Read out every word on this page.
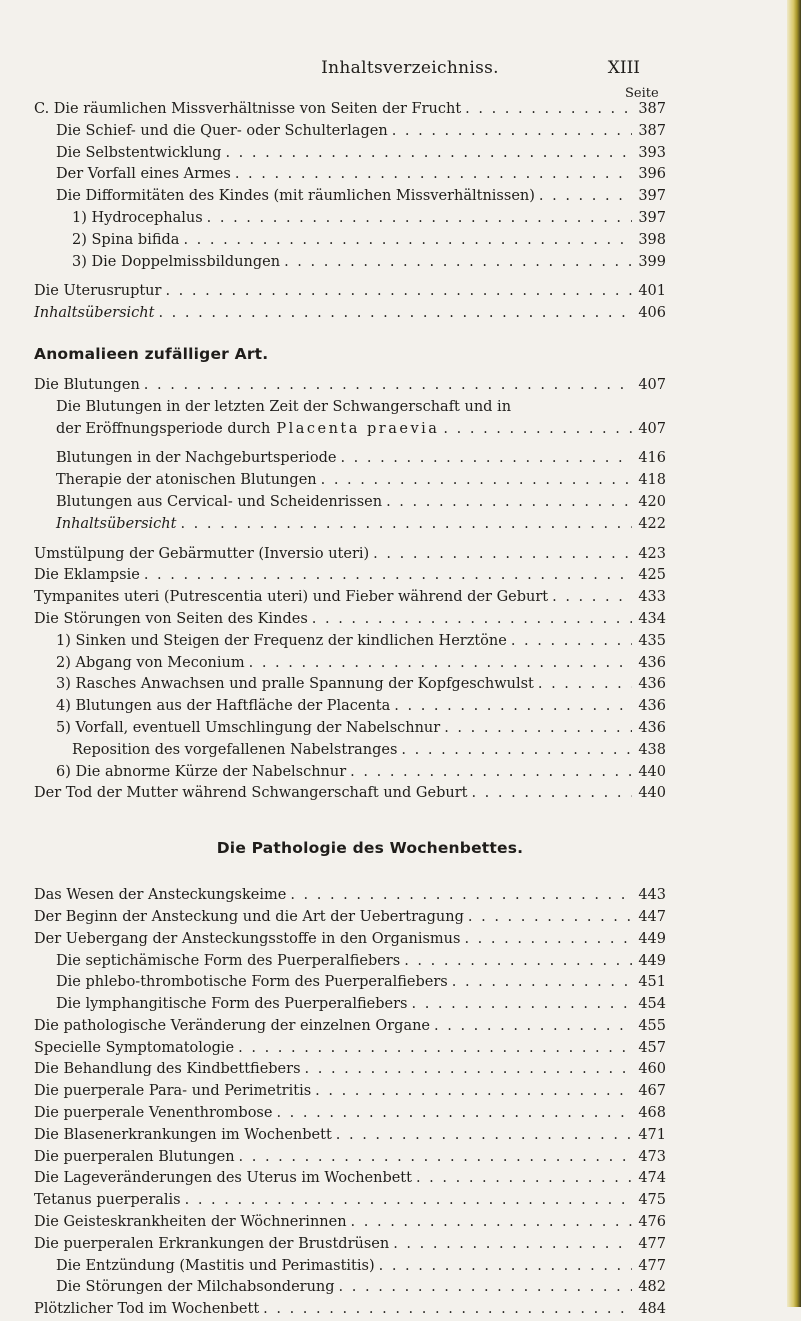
Inhaltsverzeichniss.	XIII
Seite
C. Die räumlichen Missverhältnisse von Seiten der Frucht . . .	387
Die Schief- und die Quer- oder Schulterlagen . . .	387
Die Selbstentwicklung . . .	393
Der Vorfall eines Armes . . .	396
Die Difformitäten des Kindes (mit räumlichen Missverhältnissen) . . .	397
1) Hydrocephalus . . .	397
2) Spina bifida . . .	398
3) Die Doppelmissbildungen . . .	399
Die Uterusruptur . . .	401
Inhaltsübersicht . . .	406
Anomalieen zufälliger Art.
Die Blutungen . . .	407
Die Blutungen in der letzten Zeit der Schwangerschaft und in
der Eröffnungsperiode durch Placenta praevia . . .	407
Blutungen in der Nachgeburtsperiode . . .	416
Therapie der atonischen Blutungen . . .	418
Blutungen aus Cervical- und Scheidenrissen . . .	420
Inhaltsübersicht . . .	422
Umstülpung der Gebärmutter (Inversio uteri) . . .	423
Die Eklampsie . . .	425
Tympanites uteri (Putrescentia uteri) und Fieber während der Geburt . . .	433
Die Störungen von Seiten des Kindes . . .	434
1) Sinken und Steigen der Frequenz der kindlichen Herztöne . . .	435
2) Abgang von Meconium . . .	436
3) Rasches Anwachsen und pralle Spannung der Kopfgeschwulst . . .	436
4) Blutungen aus der Haftfläche der Placenta . . .	436
5) Vorfall, eventuell Umschlingung der Nabelschnur . . .	436
Reposition des vorgefallenen Nabelstranges . . .	438
6) Die abnorme Kürze der Nabelschnur . . .	440
Der Tod der Mutter während Schwangerschaft und Geburt . . .	440
Die Pathologie des Wochenbettes.
Das Wesen der Ansteckungskeime . . .	443
Der Beginn der Ansteckung und die Art der Uebertragung . . .	447
Der Uebergang der Ansteckungsstoffe in den Organismus . . .	449
Die septichämische Form des Puerperalfiebers . . .	449
Die phlebo-thrombotische Form des Puerperalfiebers . . .	451
Die lymphangitische Form des Puerperalfiebers . . .	454
Die pathologische Veränderung der einzelnen Organe . . .	455
Specielle Symptomatologie . . .	457
Die Behandlung des Kindbettfiebers . . .	460
Die puerperale Para- und Perimetritis . . .	467
Die puerperale Venenthrombose . . .	468
Die Blasenerkrankungen im Wochenbett . . .	471
Die puerperalen Blutungen . . .	473
Die Lageveränderungen des Uterus im Wochenbett . . .	474
Tetanus puerperalis . . .	475
Die Geisteskrankheiten der Wöchnerinnen . . .	476
Die puerperalen Erkrankungen der Brustdrüsen . . .	477
Die Entzündung (Mastitis und Perimastitis) . . .	477
Die Störungen der Milchabsonderung . . .	482
Plötzlicher Tod im Wochenbett . . .	484
